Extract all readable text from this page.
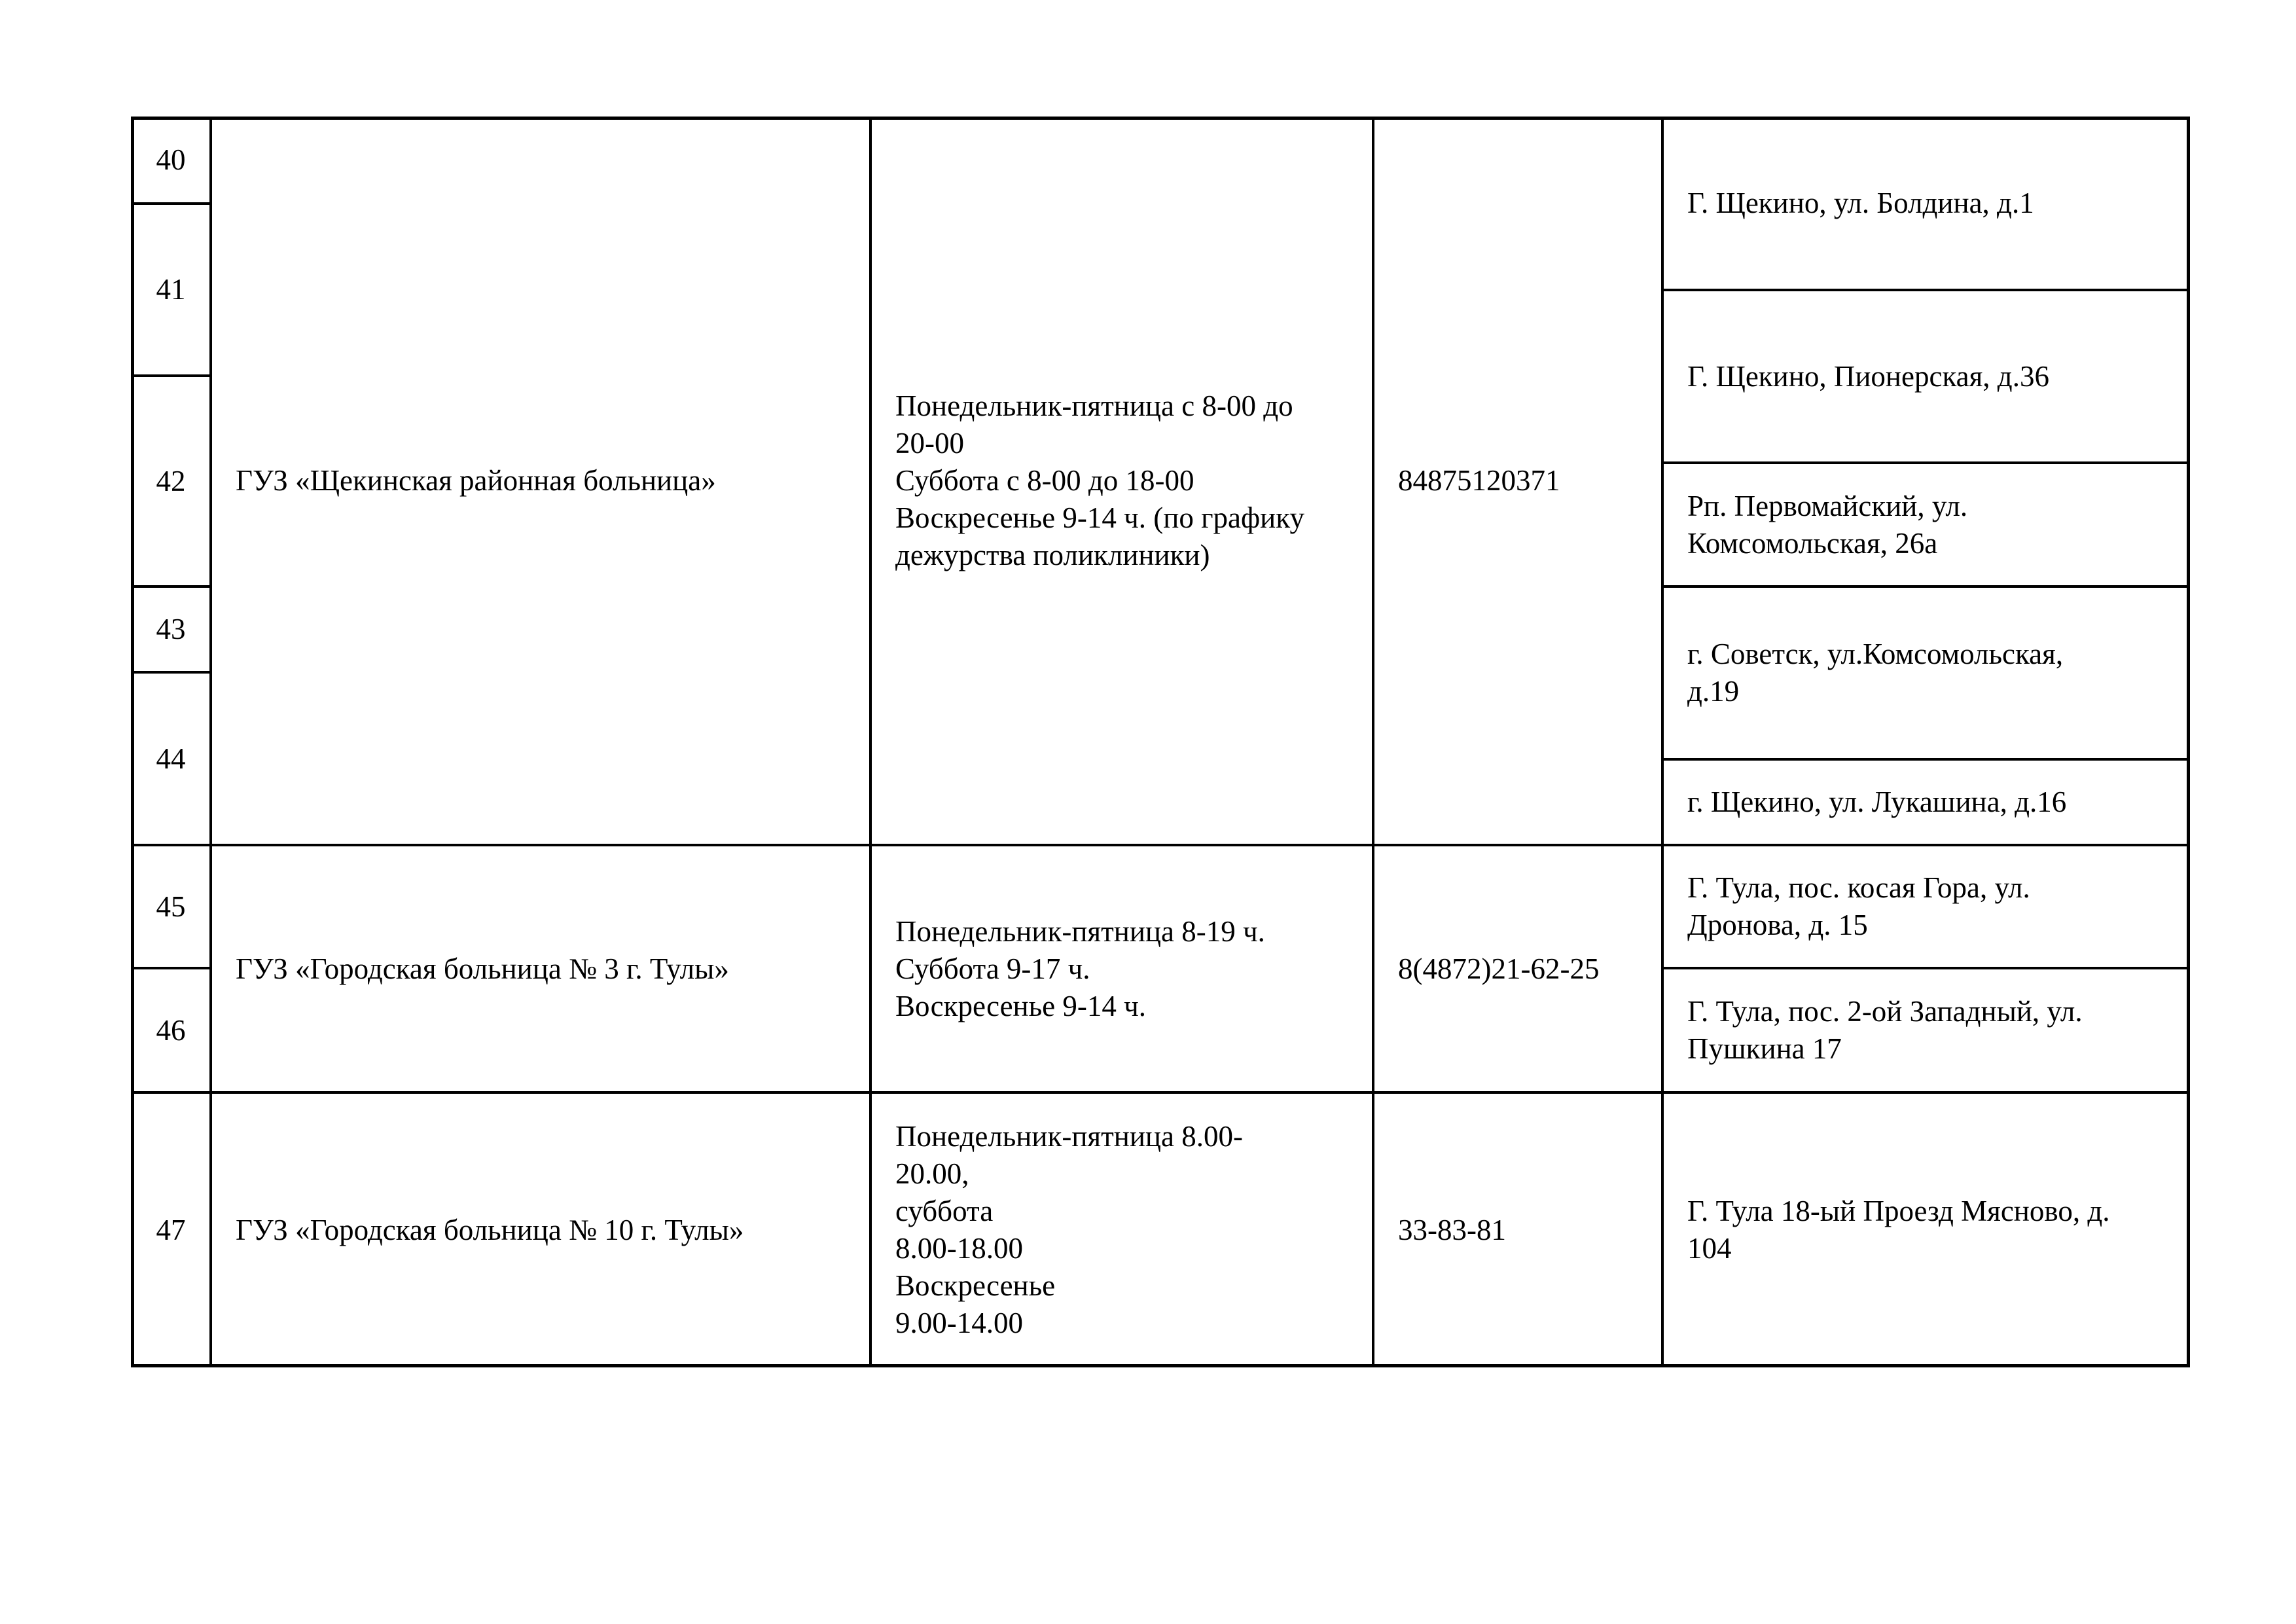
40
41
42
43
44
45
46
47
ГУЗ «Щекинская районная больница»
Понедельник-пятница с 8-00 до
20-00
Суббота с 8-00 до 18-00
Воскресенье 9-14 ч. (по графику
дежурства поликлиники)
84875120371
Г. Щекино, ул. Болдина, д.1
Г. Щекино, Пионерская, д.36
Рп. Первомайский, ул.
Комсомольская, 26а
г. Советск, ул.Комсомольская,
д.19
г. Щекино, ул. Лукашина, д.16
ГУЗ «Городская больница № 3 г. Тулы»
Понедельник-пятница 8-19 ч.
Суббота 9-17 ч.
Воскресенье 9-14 ч.
8(4872)21-62-25
Г. Тула, пос. косая Гора, ул.
Дронова, д. 15
Г. Тула, пос. 2-ой Западный, ул.
Пушкина 17
ГУЗ «Городская больница № 10 г. Тулы»
Понедельник-пятница 8.00-
20.00,
суббота
8.00-18.00
Воскресенье
9.00-14.00
33-83-81
Г. Тула 18-ый Проезд Мясново, д.
104
